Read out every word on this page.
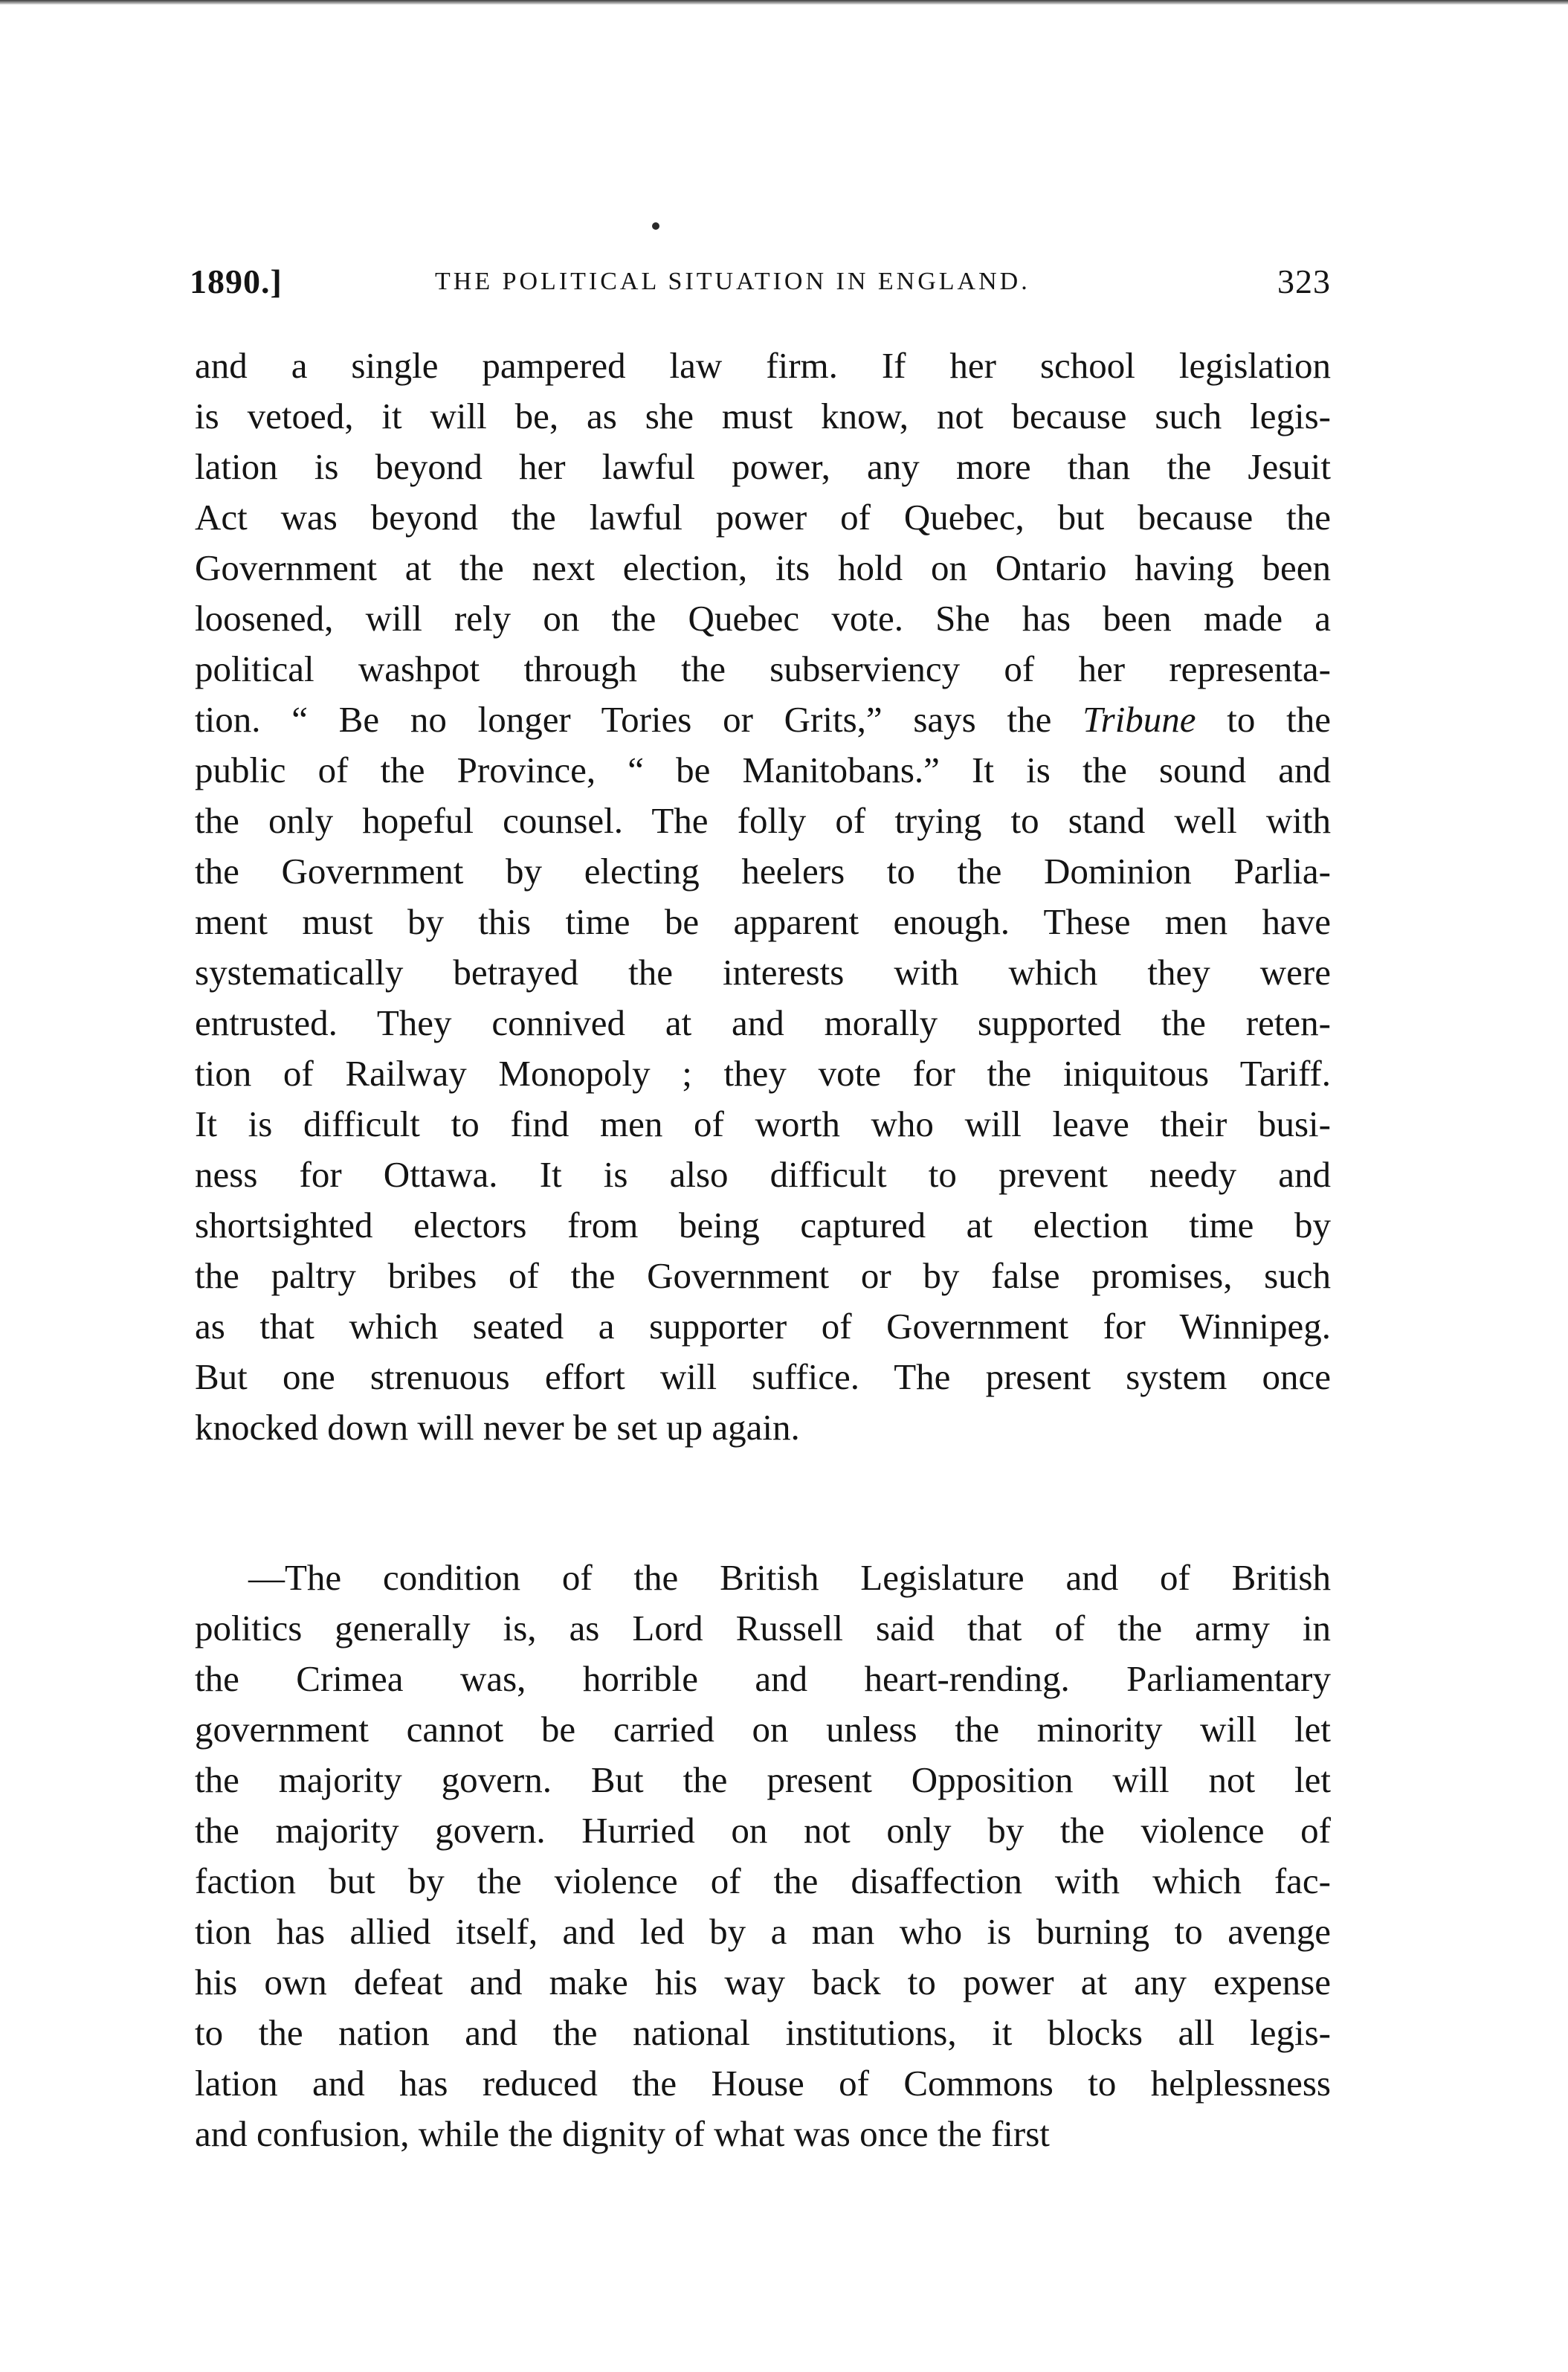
1890.]	THE POLITICAL SITUATION IN ENGLAND.	323
and a single pampered law firm. If her school legislation
is vetoed, it will be, as she must know, not because such legis-
lation is beyond her lawful power, any more than the Jesuit
Act was beyond the lawful power of Quebec, but because the
Government at the next election, its hold on Ontario having been
loosened, will rely on the Quebec vote. She has been made a
political washpot through the subserviency of her representa-
tion. “ Be no longer Tories or Grits,” says the Tribune to the
public of the Province, “ be Manitobans.” It is the sound and
the only hopeful counsel. The folly of trying to stand well with
the Government by electing heelers to the Dominion Parlia-
ment must by this time be apparent enough. These men have
systematically betrayed the interests with which they were
entrusted. They connived at and morally supported the reten-
tion of Railway Monopoly ; they vote for the iniquitous Tariff.
It is difficult to find men of worth who will leave their busi-
ness for Ottawa. It is also difficult to prevent needy and
shortsighted electors from being captured at election time by
the paltry bribes of the Government or by false promises, such
as that which seated a supporter of Government for Winnipeg.
But one strenuous effort will suffice. The present system once
knocked down will never be set up again.
—The condition of the British Legislature and of British
politics generally is, as Lord Russell said that of the army in
the Crimea was, horrible and heart-rending. Parliamentary
government cannot be carried on unless the minority will let
the majority govern. But the present Opposition will not let
the majority govern. Hurried on not only by the violence of
faction but by the violence of the disaffection with which fac-
tion has allied itself, and led by a man who is burning to avenge
his own defeat and make his way back to power at any expense
to the nation and the national institutions, it blocks all legis-
lation and has reduced the House of Commons to helplessness
and confusion, while the dignity of what was once the first
